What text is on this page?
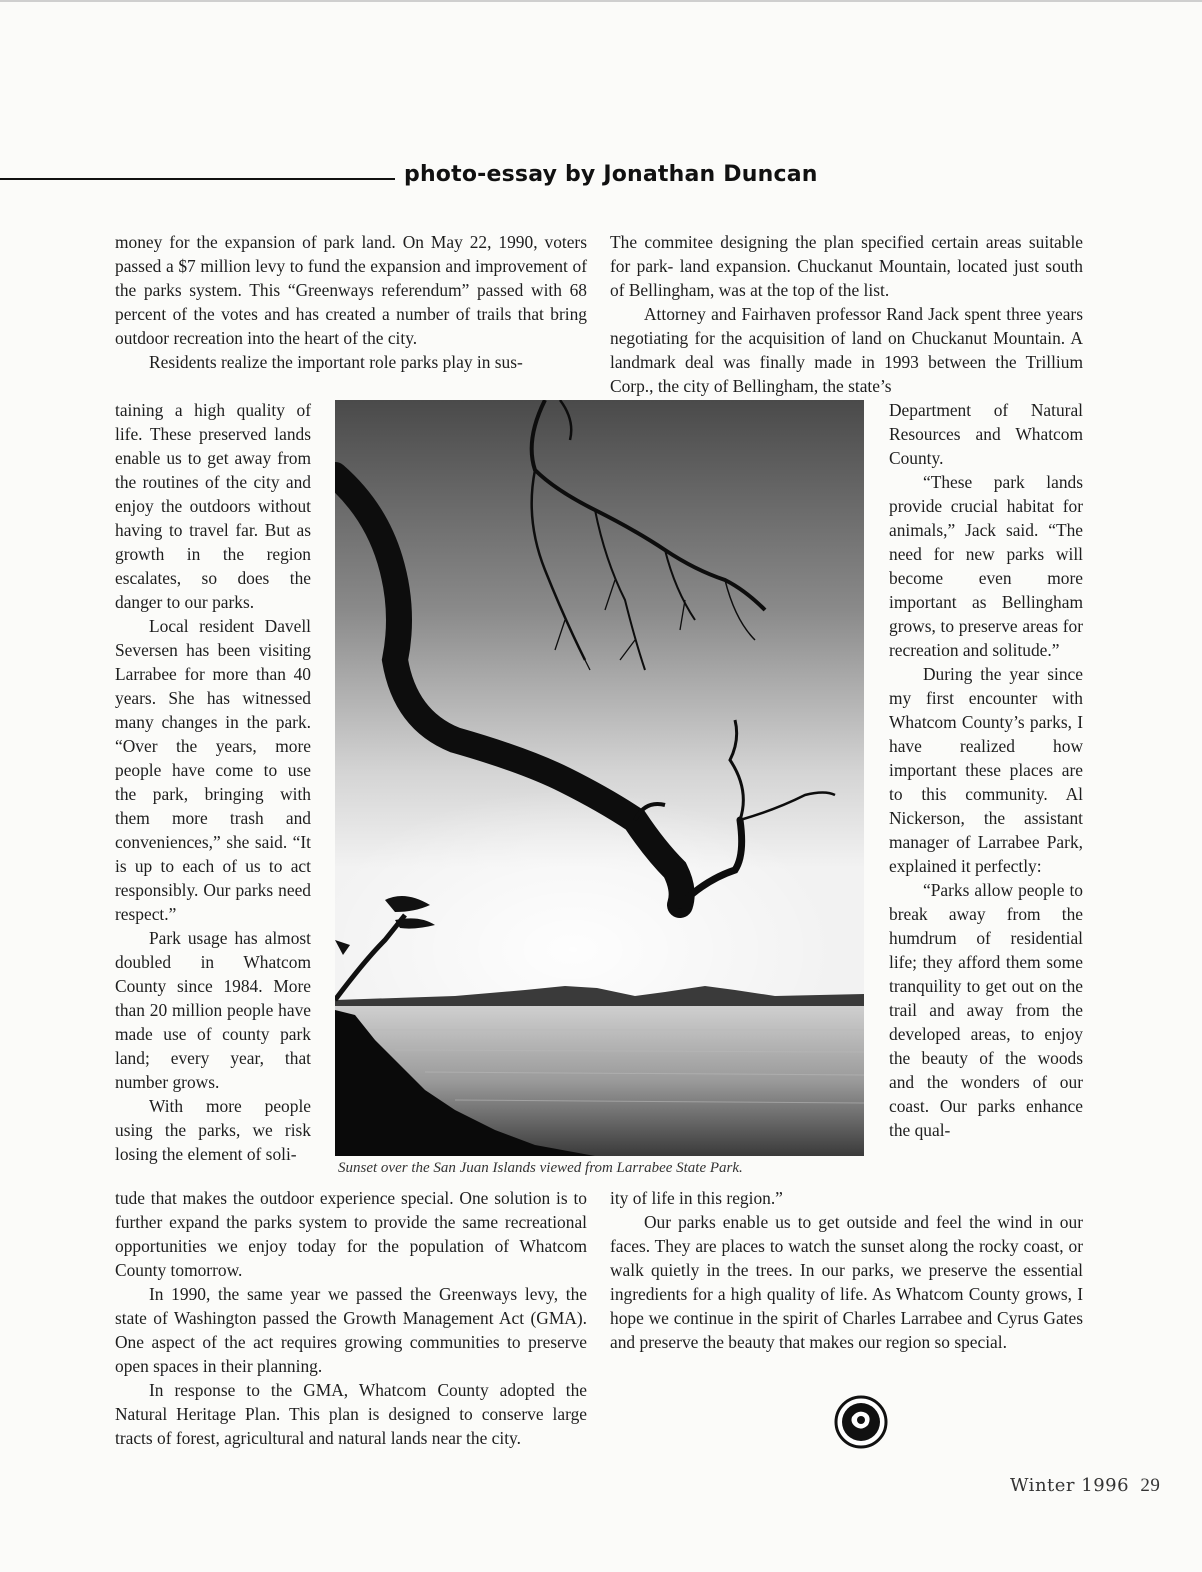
photo-essay by Jonathan Duncan

money for the expansion of park land. On May 22, 1990, voters passed a $7 million levy to fund the expansion and improvement of the parks system. This “Greenways referendum” passed with 68 percent of the votes and has created a number of trails that bring outdoor recreation into the heart of the city.

Residents realize the important role parks play in sus-

taining a high quality of life. These preserved lands enable us to get away from the routines of the city and enjoy the outdoors without having to travel far. But as growth in the region escalates, so does the danger to our parks.

Local resident Davell Seversen has been visiting Larrabee for more than 40 years. She has witnessed many changes in the park. “Over the years, more people have come to use the park, bringing with them more trash and conveniences,” she said. “It is up to each of us to act responsibly. Our parks need respect.”

Park usage has almost doubled in Whatcom County since 1984. More than 20 million people have made use of county park land; every year, that number grows.

With more people using the parks, we risk losing the element of soli-

tude that makes the outdoor experience special. One solution is to further expand the parks system to provide the same recreational opportunities we enjoy today for the population of Whatcom County tomorrow.

In 1990, the same year we passed the Greenways levy, the state of Washington passed the Growth Management Act (GMA). One aspect of the act requires growing communities to preserve open spaces in their planning.

In response to the GMA, Whatcom County adopted the Natural Heritage Plan. This plan is designed to conserve large tracts of forest, agricultural and natural lands near the city.

The commitee designing the plan specified certain areas suitable for park- land expansion. Chuckanut Mountain, located just south of Bellingham, was at the top of the list.

Attorney and Fairhaven professor Rand Jack spent three years negotiating for the acquisition of land on Chuckanut Mountain. A landmark deal was finally made in 1993 between the Trillium Corp., the city of Bellingham, the state’s

Department of Natural Resources and Whatcom County.

“These park lands provide crucial habitat for animals,” Jack said. “The need for new parks will become even more important as Bellingham grows, to preserve areas for recreation and solitude.”

During the year since my first encounter with Whatcom County’s parks, I have realized how important these places are to this community. Al Nickerson, the assistant manager of Larrabee Park, explained it perfectly:

“Parks allow people to break away from the humdrum of residential life; they afford them some tranquility to get out on the trail and away from the developed areas, to enjoy the beauty of the woods and the wonders of our coast. Our parks enhance the qual-

ity of life in this region.”

Our parks enable us to get outside and feel the wind in our faces. They are places to watch the sunset along the rocky coast, or walk quietly in the trees. In our parks, we preserve the essential ingredients for a high quality of life. As Whatcom County grows, I hope we continue in the spirit of Charles Larrabee and Cyrus Gates and preserve the beauty that makes our region so special.

Sunset over the San Juan Islands viewed from Larrabee State Park.
Winter 1996 29
